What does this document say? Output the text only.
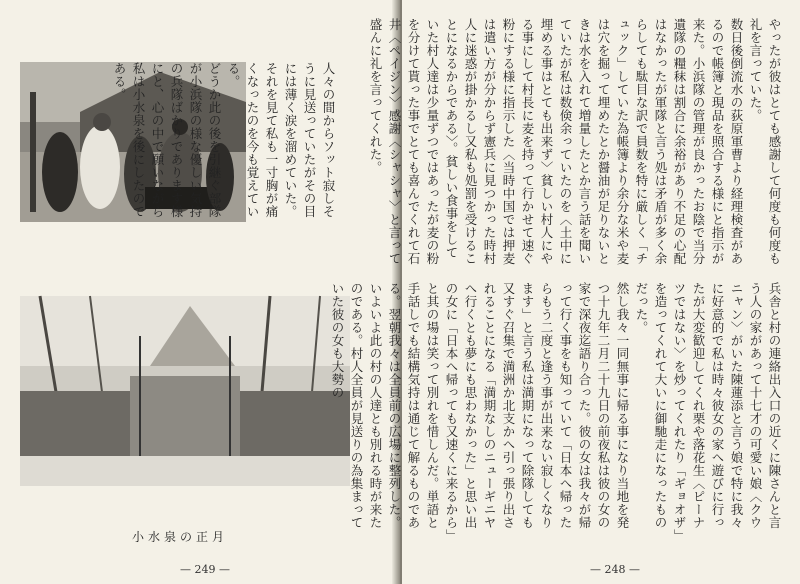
人々の間からソット寂しそうに見送っていたがその目には薄く涙を溜めていた。それを見て私も一寸胸が痛くなったのを今も覚えている。

どうか此の後を引継ぐ部隊が小浜隊の様な優しい気持の兵隊ばかりであります様にと、心の中で願いながら私は小水泉を後にしたのである。

小水泉の正月
— 249 —

やったが彼はとても感謝して何度も何度も礼を言っていた。

数日後倒流水の荻原軍曹より経理検査があるので帳簿と現品を照合する様にと指示が来た。小浜隊の管理が良かったお陰で当分遺隊の糧秣は割合に余裕があり不足の心配はなかったが軍隊と言う処は矛盾が多く余らしても駄目な訳で員数を特に厳しく「チュック」していた為帳簿より余分な米や麦は穴を掘って埋めたとか醤油が足りないときは水を入れて増量したとか言う話を聞いていたが私は数倹余っていたのを〈土中に埋める事はとても出来ず〉貧しい村人にやる事にして村長に麦を持って行かせて速ぐ粉にする様に指示した〈当時中国では押麦は遣い方が分からず憲兵に見つかった時村人に迷惑が掛かるし又私も処罰を受けることになるからである〉。貧しい食事をしていた村人達は少量ずつではあったが麦の粉を分けて貰った事でとても喜んでくれて石井〈ペイジン〉感謝〈シャシャ〉と言って盛んに礼を言ってくれた。

兵舎と村の連絡出入口の近くに陳さんと言う人の家があって十七才の可愛い娘〈クウニャン〉がいた陳蓮添と言う娘で特に我々に好意的で私は時々彼女の家へ遊びに行ったが大変歓迎してくれ栗や落花生〈ピーナツではない〉を炒ってくれたり「ギョオザ」を造ってくれて大いに御馳走になったものだった。

然し我々一同無事に帰る事になり当地を発つ十九年二月二十九日の前夜私は彼の女の家で深夜迄語り合った。彼の女は我々が帰って行く事をも知っていて「日本へ帰ったらもう二度と逢う事が出来ない寂しくなります」と言う私は満期になって除隊しても又すぐ召集で満洲か北支かへ引っ張り出されることになる「満期なしのニューギニヤへ行くとも夢にも思わなかった」と思い出の女に「日本へ帰っても又速くに来るから」と其の場は笑って別れを惜しんだ。単語と手話しでも結構気持は通じて解るものである。翌朝我々は全員前の広場に整列した。いよいよ此の村の人達とも別れる時が来たのである。村人全員が見送りの為集まっていた彼の女も大勢の

— 248 —
